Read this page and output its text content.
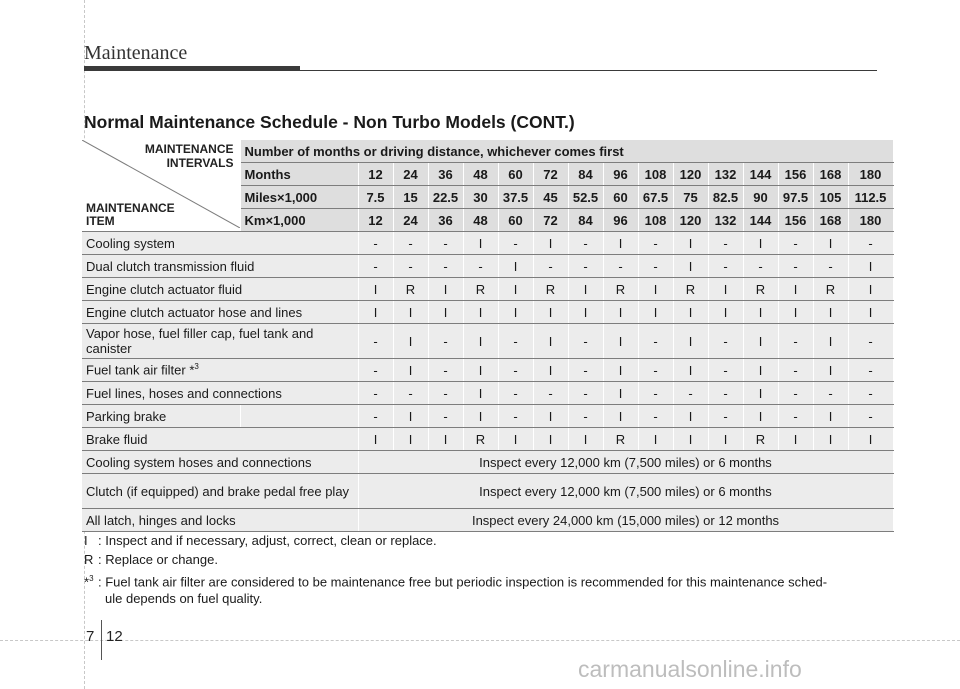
Maintenance
Normal Maintenance Schedule - Non Turbo Models (CONT.)
MAINTENANCE
INTERVALS
MAINTENANCE
ITEM	Number of months or driving distance, whichever comes first															
	Months	12	24	36	48	60	72	84	96	108	120	132	144	156	168	180
	Miles×1,000	7.5	15	22.5	30	37.5	45	52.5	60	67.5	75	82.5	90	97.5	105	112.5
	Km×1,000	12	24	36	48	60	72	84	96	108	120	132	144	156	168	180
Cooling system		-	-	-	I	-	I	-	I	-	I	-	I	-	I	-
Dual clutch transmission fluid		-	-	-	-	I	-	-	-	-	I	-	-	-	-	I
Engine clutch actuator fluid		I	R	I	R	I	R	I	R	I	R	I	R	I	R	I
Engine clutch actuator hose and lines		I	I	I	I	I	I	I	I	I	I	I	I	I	I	I
Vapor hose, fuel filler cap, fuel tank and canister		-	I	-	I	-	I	-	I	-	I	-	I	-	I	-
Fuel tank air filter *$^3$		-	I	-	I	-	I	-	I	-	I	-	I	-	I	-
Fuel lines, hoses and connections		-	-	-	I	-	-	-	I	-	-	-	I	-	-	-
Parking brake		-	I	-	I	-	I	-	I	-	I	-	I	-	I	-
Brake fluid		I	I	I	R	I	I	I	R	I	I	I	R	I	I	I
Cooling system hoses and connections		Inspect every 12,000 km (7,500 miles) or 6 months														
Clutch (if equipped) and brake pedal free play		Inspect every 12,000 km (7,500 miles) or 6 months														
All latch, hinges and locks		Inspect every 24,000 km (15,000 miles) or 12 months														
I : Inspect and if necessary, adjust, correct, clean or replace.
R : Replace or change.
*$^3$ : Fuel tank air filter are considered to be maintenance free but periodic inspection is recommended for this maintenance sched-
ule depends on fuel quality.
7 12
carmanualsonline.info
